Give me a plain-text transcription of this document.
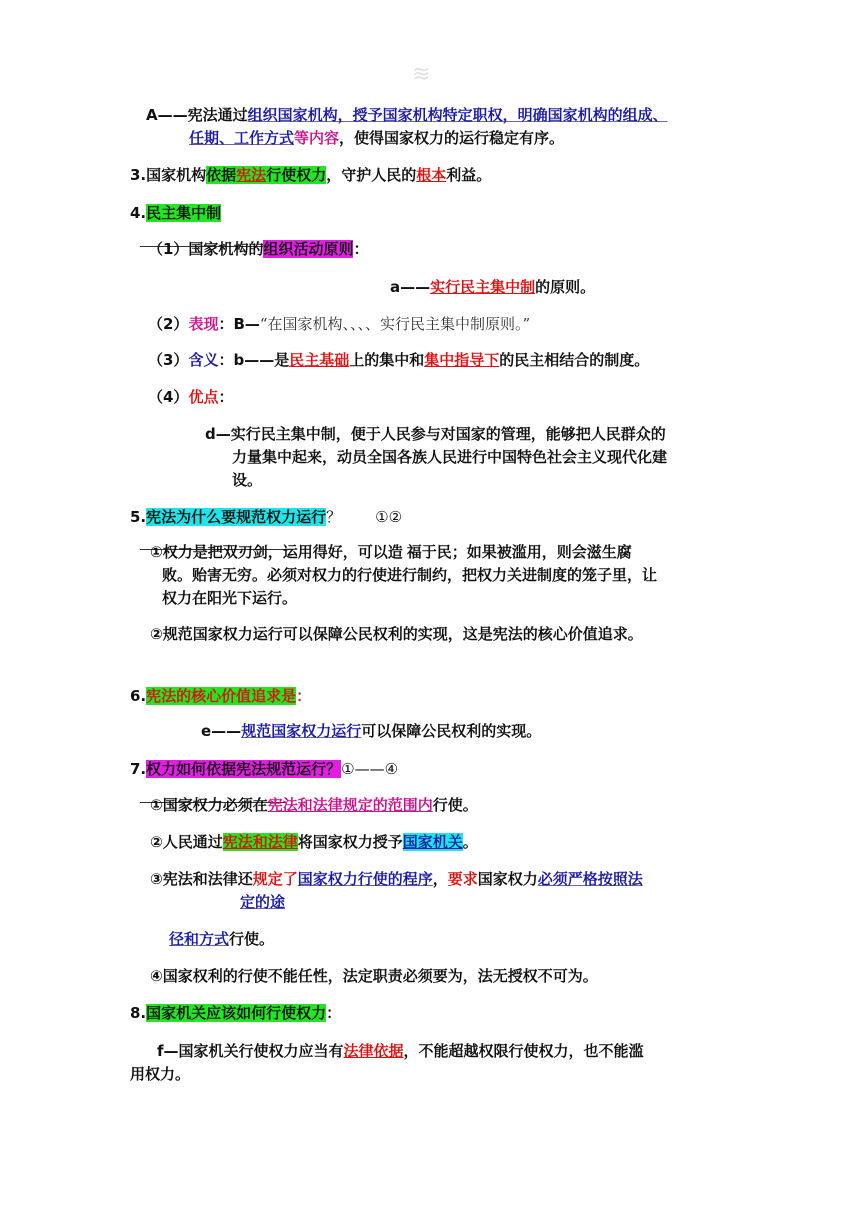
≋
A——宪法通过组织国家机构，授予国家机构特定职权，明确国家机构的组成、
任期、工作方式等内容，使得国家权力的运行稳定有序。
3.国家机构依据宪法行使权力，守护人民的根本利益。
4.民主集中制
（1）国家机构的组织活动原则：
a——实行民主集中制的原则。
（2）表现：B—“在国家机构、、、、实行民主集中制原则。”
（3）含义：b——是民主基础上的集中和集中指导下的民主相结合的制度。
（4）优点：
d—实行民主集中制，便于人民参与对国家的管理，能够把人民群众的
力量集中起来，动员全国各族人民进行中国特色社会主义现代化建
设。
5.宪法为什么要规范权力运行？ ①②
①权力是把双刃剑，运用得好，可以造 福于民；如果被滥用，则会滋生腐
败。贻害无穷。必须对权力的行使进行制约，把权力关进制度的笼子里，让
权力在阳光下运行。
②规范国家权力运行可以保障公民权利的实现，这是宪法的核心价值追求。
6.宪法的核心价值追求是：
e——规范国家权力运行可以保障公民权利的实现。
7.权力如何依据宪法规范运行？①——④
①国家权力必须在宪法和法律规定的范围内行使。
②人民通过宪法和法律将国家权力授予国家机关。
③宪法和法律还规定了国家权力行使的程序，要求国家权力必须严格按照法
定的途
径和方式行使。
④国家权利的行使不能任性，法定职责必须要为，法无授权不可为。
8.国家机关应该如何行使权力：
f—国家机关行使权力应当有法律依据，不能超越权限行使权力，也不能滥
用权力。
